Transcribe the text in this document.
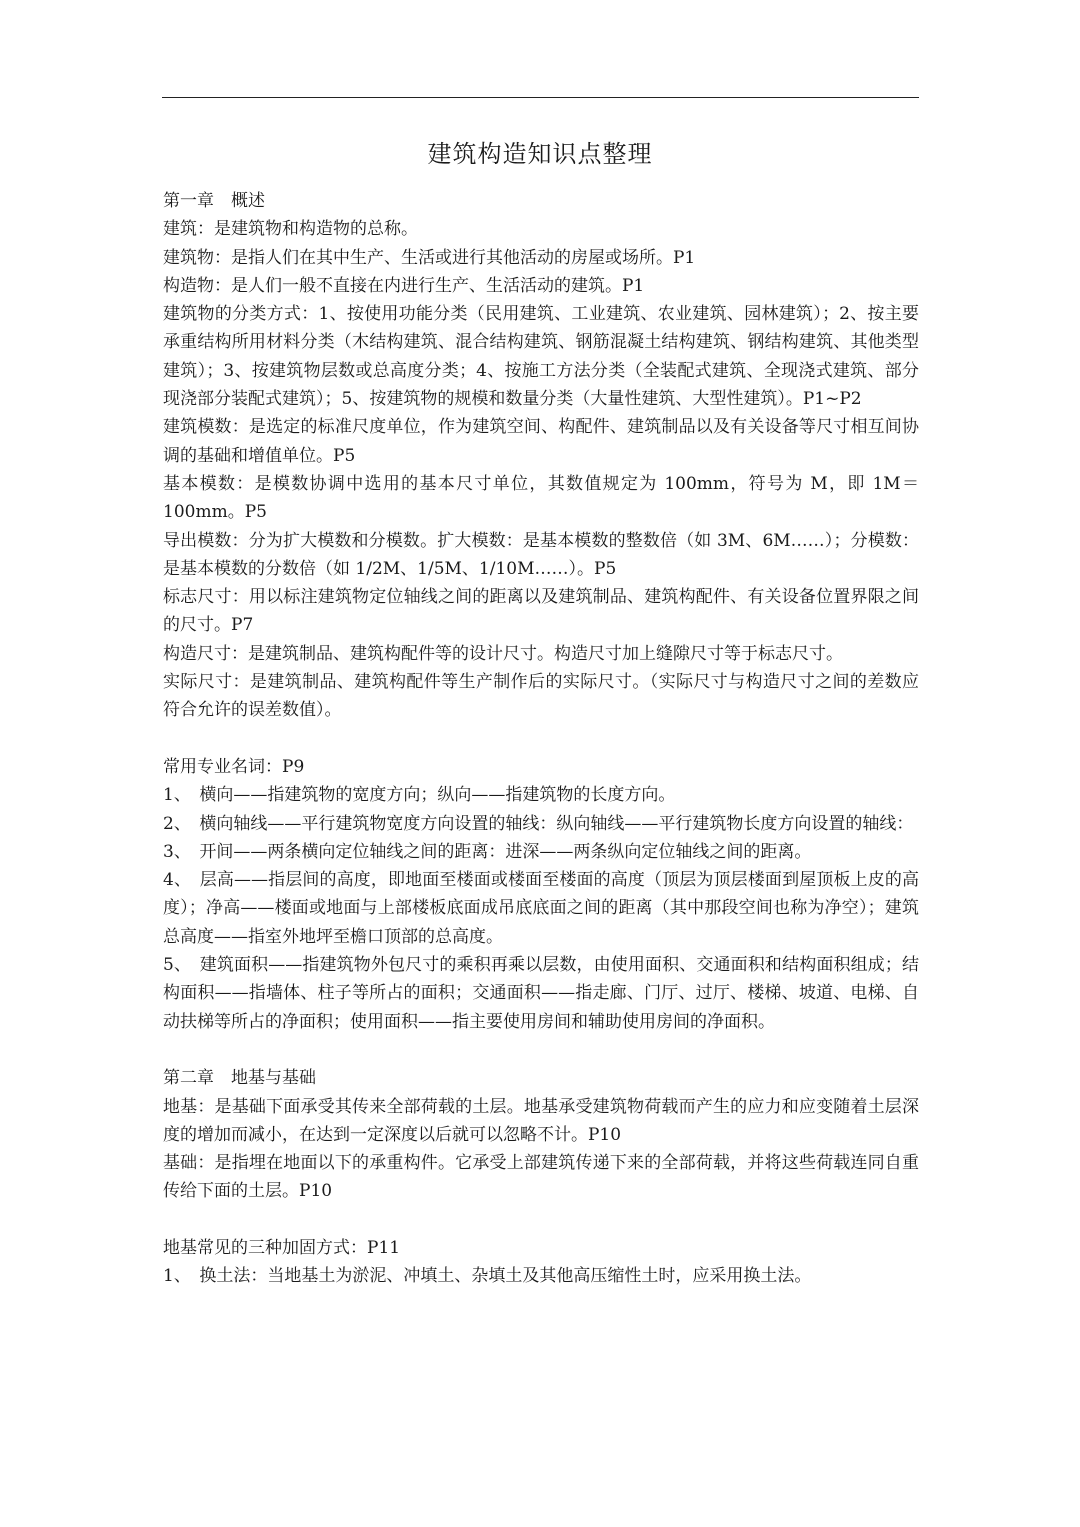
建筑构造知识点整理

第一章　概述

建筑：是建筑物和构造物的总称。

建筑物：是指人们在其中生产、生活或进行其他活动的房屋或场所。P1

构造物：是人们一般不直接在内进行生产、生活活动的建筑。P1

建筑物的分类方式：1、按使用功能分类（民用建筑、工业建筑、农业建筑、园林建筑）；2、按主要承重结构所用材料分类（木结构建筑、混合结构建筑、钢筋混凝土结构建筑、钢结构建筑、其他类型建筑）；3、按建筑物层数或总高度分类；4、按施工方法分类（全装配式建筑、全现浇式建筑、部分现浇部分装配式建筑）；5、按建筑物的规模和数量分类（大量性建筑、大型性建筑）。P1~P2

建筑模数：是选定的标准尺度单位，作为建筑空间、构配件、建筑制品以及有关设备等尺寸相互间协调的基础和增值单位。P5

基本模数：是模数协调中选用的基本尺寸单位，其数值规定为 100mm，符号为 M，即 1M＝100mm。P5

导出模数：分为扩大模数和分模数。扩大模数：是基本模数的整数倍（如 3M、6M……）；分模数：是基本模数的分数倍（如 1/2M、1/5M、1/10M……）。P5

标志尺寸：用以标注建筑物定位轴线之间的距离以及建筑制品、建筑构配件、有关设备位置界限之间的尺寸。P7

构造尺寸：是建筑制品、建筑构配件等的设计尺寸。构造尺寸加上缝隙尺寸等于标志尺寸。

实际尺寸：是建筑制品、建筑构配件等生产制作后的实际尺寸。（实际尺寸与构造尺寸之间的差数应符合允许的误差数值）。

常用专业名词：P9

1、　横向——指建筑物的宽度方向；纵向——指建筑物的长度方向。

2、　横向轴线——平行建筑物宽度方向设置的轴线：纵向轴线——平行建筑物长度方向设置的轴线：

3、　开间——两条横向定位轴线之间的距离：进深——两条纵向定位轴线之间的距离。

4、　层高——指层间的高度，即地面至楼面或楼面至楼面的高度（顶层为顶层楼面到屋顶板上皮的高度）；净高——楼面或地面与上部楼板底面成吊底底面之间的距离（其中那段空间也称为净空）；建筑总高度——指室外地坪至檐口顶部的总高度。

5、　建筑面积——指建筑物外包尺寸的乘积再乘以层数，由使用面积、交通面积和结构面积组成；结构面积——指墙体、柱子等所占的面积；交通面积——指走廊、门厅、过厅、楼梯、坡道、电梯、自动扶梯等所占的净面积；使用面积——指主要使用房间和辅助使用房间的净面积。

第二章　地基与基础

地基：是基础下面承受其传来全部荷载的土层。地基承受建筑物荷载而产生的应力和应变随着土层深度的增加而减小，在达到一定深度以后就可以忽略不计。P10

基础：是指埋在地面以下的承重构件。它承受上部建筑传递下来的全部荷载，并将这些荷载连同自重传给下面的土层。P10

地基常见的三种加固方式：P11

1、　换土法：当地基土为淤泥、冲填土、杂填土及其他高压缩性土时，应采用换土法。
